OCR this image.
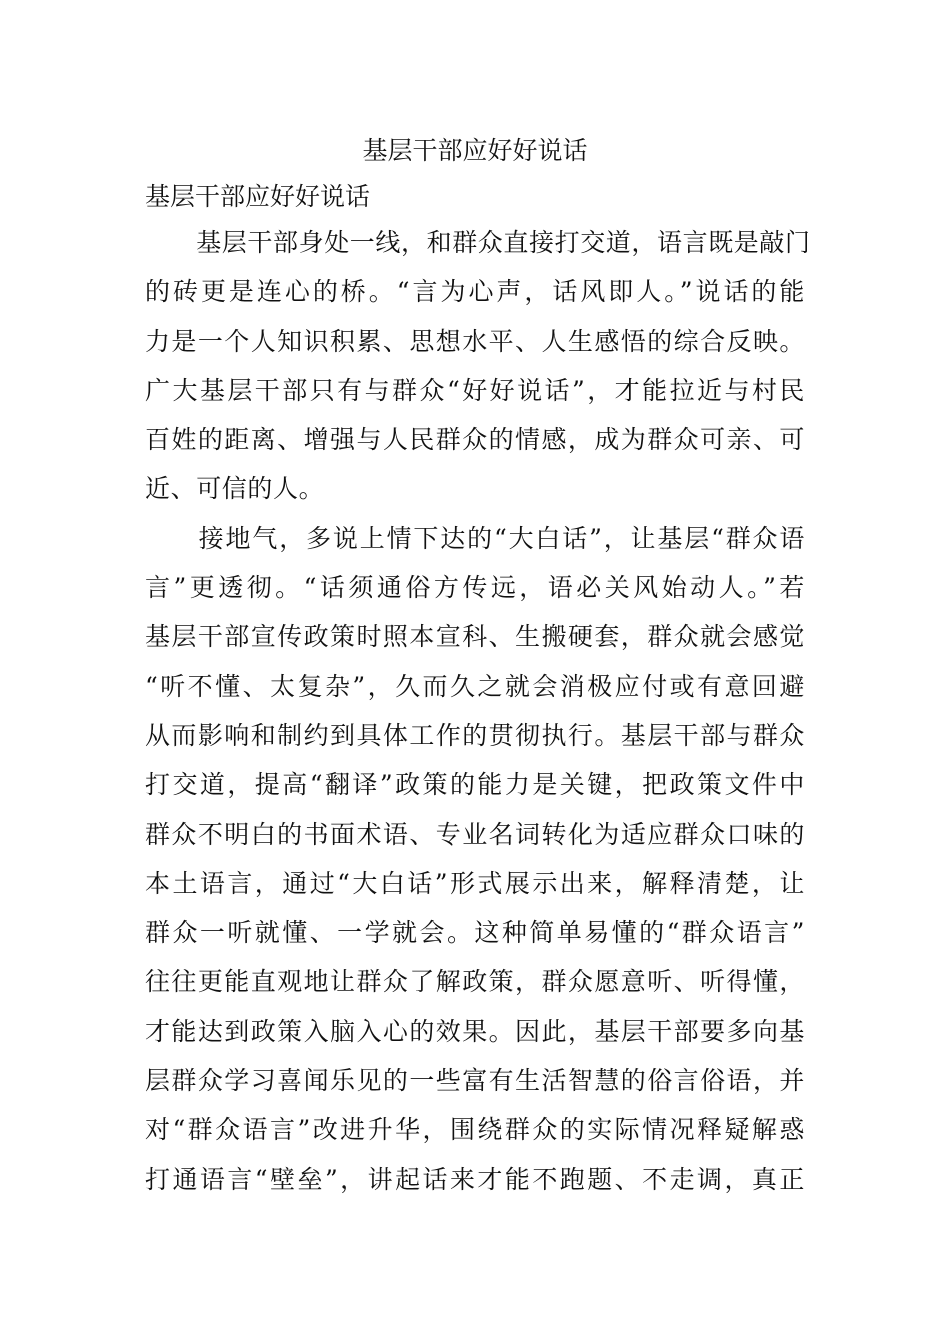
基层干部应好好说话

基层干部应好好说话

　　基层干部身处一线，和群众直接打交道，语言既是敲门
的砖更是连心的桥。“言为心声，话风即人。”说话的能
力是一个人知识积累、思想水平、人生感悟的综合反映。
广大基层干部只有与群众“好好说话”，才能拉近与村民
百姓的距离、增强与人民群众的情感，成为群众可亲、可
近、可信的人。
　　接地气，多说上情下达的“大白话”，让基层“群众语
言”更透彻。“话须通俗方传远，语必关风始动人。”若
基层干部宣传政策时照本宣科、生搬硬套，群众就会感觉
“听不懂、太复杂”，久而久之就会消极应付或有意回避
从而影响和制约到具体工作的贯彻执行。基层干部与群众
打交道，提高“翻译”政策的能力是关键，把政策文件中
群众不明白的书面术语、专业名词转化为适应群众口味的
本土语言，通过“大白话”形式展示出来，解释清楚，让
群众一听就懂、一学就会。这种简单易懂的“群众语言”
往往更能直观地让群众了解政策，群众愿意听、听得懂，
才能达到政策入脑入心的效果。因此，基层干部要多向基
层群众学习喜闻乐见的一些富有生活智慧的俗言俗语，并
对“群众语言”改进升华，围绕群众的实际情况释疑解惑
打通语言“壁垒”，讲起话来才能不跑题、不走调，真正
